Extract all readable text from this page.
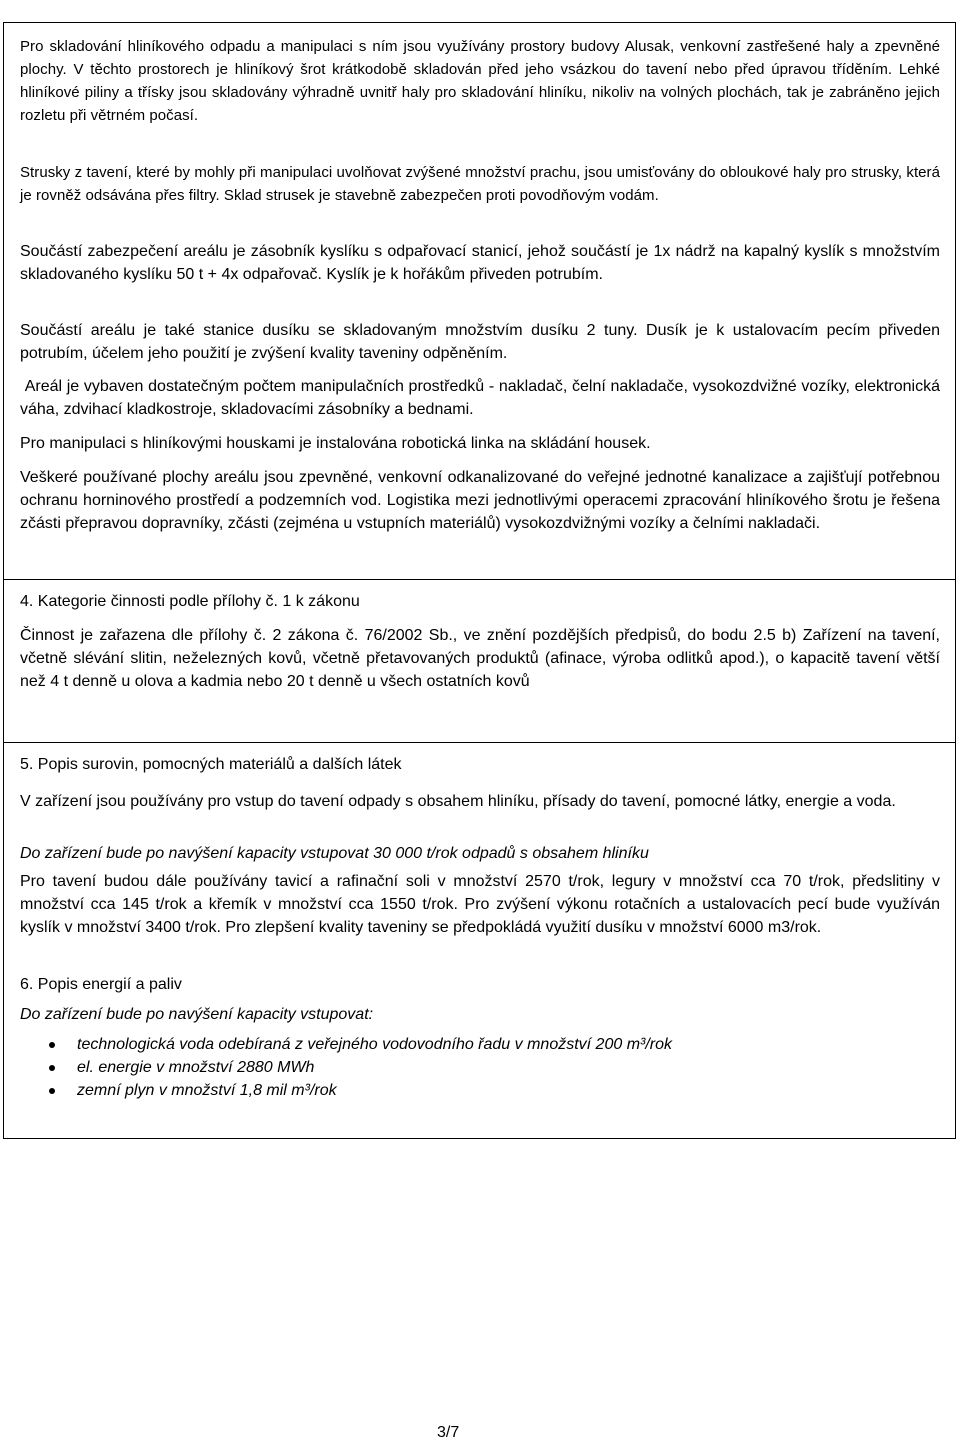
Pro skladování hliníkového odpadu a manipulaci s ním jsou využívány prostory budovy Alusak, venkovní zastřešené haly a zpevněné plochy. V těchto prostorech je hliníkový šrot krátkodobě skladován před jeho vsázkou do tavení nebo před úpravou tříděním. Lehké hliníkové piliny a třísky jsou skladovány výhradně uvnitř haly pro skladování hliníku, nikoliv na volných plochách, tak je zabráněno jejich rozletu při větrném počasí.

Strusky z tavení, které by mohly při manipulaci uvolňovat zvýšené množství prachu, jsou umisťovány do obloukové haly pro strusky, která je rovněž odsávána přes filtry. Sklad strusek je stavebně zabezpečen proti povodňovým vodám.

Součástí zabezpečení areálu je zásobník kyslíku s odpařovací stanicí, jehož součástí je 1x nádrž na kapalný kyslík s množstvím skladovaného kyslíku 50 t + 4x odpařovač. Kyslík je k hořákům přiveden potrubím.

Součástí areálu je také stanice dusíku se skladovaným množstvím dusíku 2 tuny. Dusík je k ustalovacím pecím přiveden potrubím, účelem jeho použití je zvýšení kvality taveniny odpěněním.

Areál je vybaven dostatečným počtem manipulačních prostředků - nakladač, čelní nakladače, vysokozdvižné vozíky, elektronická váha, zdvihací kladkostroje, skladovacími zásobníky a bednami.

Pro manipulaci s hliníkovými houskami je instalována robotická linka na skládání housek.

Veškeré používané plochy areálu jsou zpevněné, venkovní odkanalizované do veřejné jednotné kanalizace a zajišťují potřebnou ochranu horninového prostředí a podzemních vod. Logistika mezi jednotlivými operacemi zpracování hliníkového šrotu je řešena zčásti přepravou dopravníky, zčásti (zejména u vstupních materiálů) vysokozdvižnými vozíky a čelními nakladači.

4. Kategorie činnosti podle přílohy č. 1 k zákonu

Činnost je zařazena dle přílohy č. 2 zákona č. 76/2002 Sb., ve znění pozdějších předpisů, do bodu 2.5 b) Zařízení na tavení, včetně slévání slitin, neželezných kovů, včetně přetavovaných produktů (afinace, výroba odlitků apod.), o kapacitě tavení větší než 4 t denně u olova a kadmia nebo 20 t denně u všech ostatních kovů

5. Popis surovin, pomocných materiálů a dalších látek

V zařízení jsou používány pro vstup do tavení odpady s obsahem hliníku, přísady do tavení, pomocné látky, energie a voda.

Do zařízení bude po navýšení kapacity vstupovat 30 000 t/rok odpadů s obsahem hliníku

Pro tavení budou dále používány tavicí a rafinační soli v množství 2570 t/rok, legury v množství cca 70 t/rok, předslitiny v množství cca 145 t/rok a křemík v množství cca 1550 t/rok. Pro zvýšení výkonu rotačních a ustalovacích pecí bude využíván kyslík v množství 3400 t/rok. Pro zlepšení kvality taveniny se předpokládá využití dusíku v množství 6000 m3/rok.

6. Popis energií a paliv

Do zařízení bude po navýšení kapacity vstupovat:

technologická voda odebíraná z veřejného vodovodního řadu v množství 200 m³/rok
el. energie v množství 2880 MWh
zemní plyn v množství 1,8 mil m³/rok
3/7
